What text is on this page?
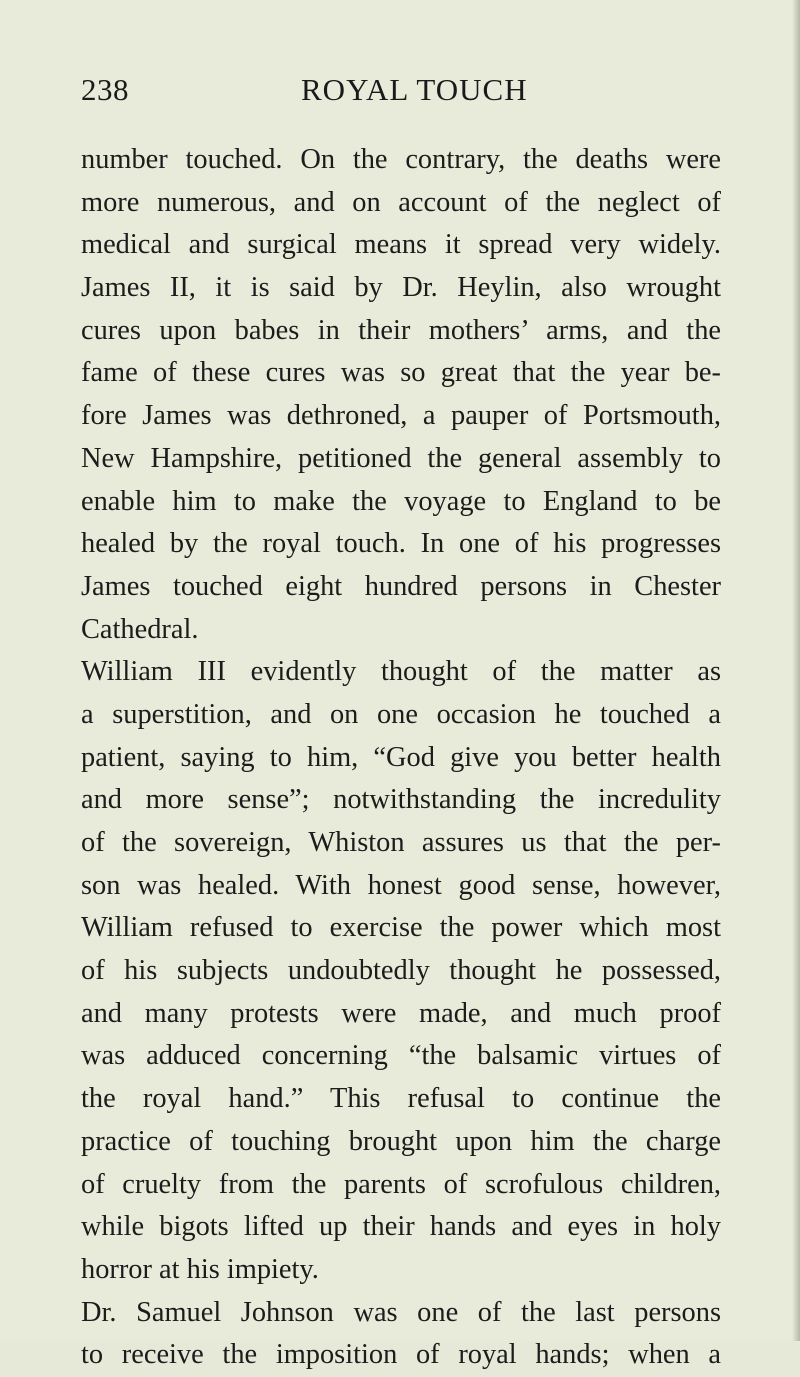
238	ROYAL TOUCH
number touched. On the contrary, the deaths were
more numerous, and on account of the neglect of
medical and surgical means it spread very widely.
James II, it is said by Dr. Heylin, also wrought
cures upon babes in their mothers’ arms, and the
fame of these cures was so great that the year be-
fore James was dethroned, a pauper of Portsmouth,
New Hampshire, petitioned the general assembly to
enable him to make the voyage to England to be
healed by the royal touch. In one of his progresses
James touched eight hundred persons in Chester
Cathedral.
William III evidently thought of the matter as
a superstition, and on one occasion he touched a
patient, saying to him, “God give you better health
and more sense”; notwithstanding the incredulity
of the sovereign, Whiston assures us that the per-
son was healed. With honest good sense, however,
William refused to exercise the power which most
of his subjects undoubtedly thought he possessed,
and many protests were made, and much proof
was adduced concerning “the balsamic virtues of
the royal hand.” This refusal to continue the
practice of touching brought upon him the charge
of cruelty from the parents of scrofulous children,
while bigots lifted up their hands and eyes in holy
horror at his impiety.
Dr. Samuel Johnson was one of the last persons
to receive the imposition of royal hands; when a
